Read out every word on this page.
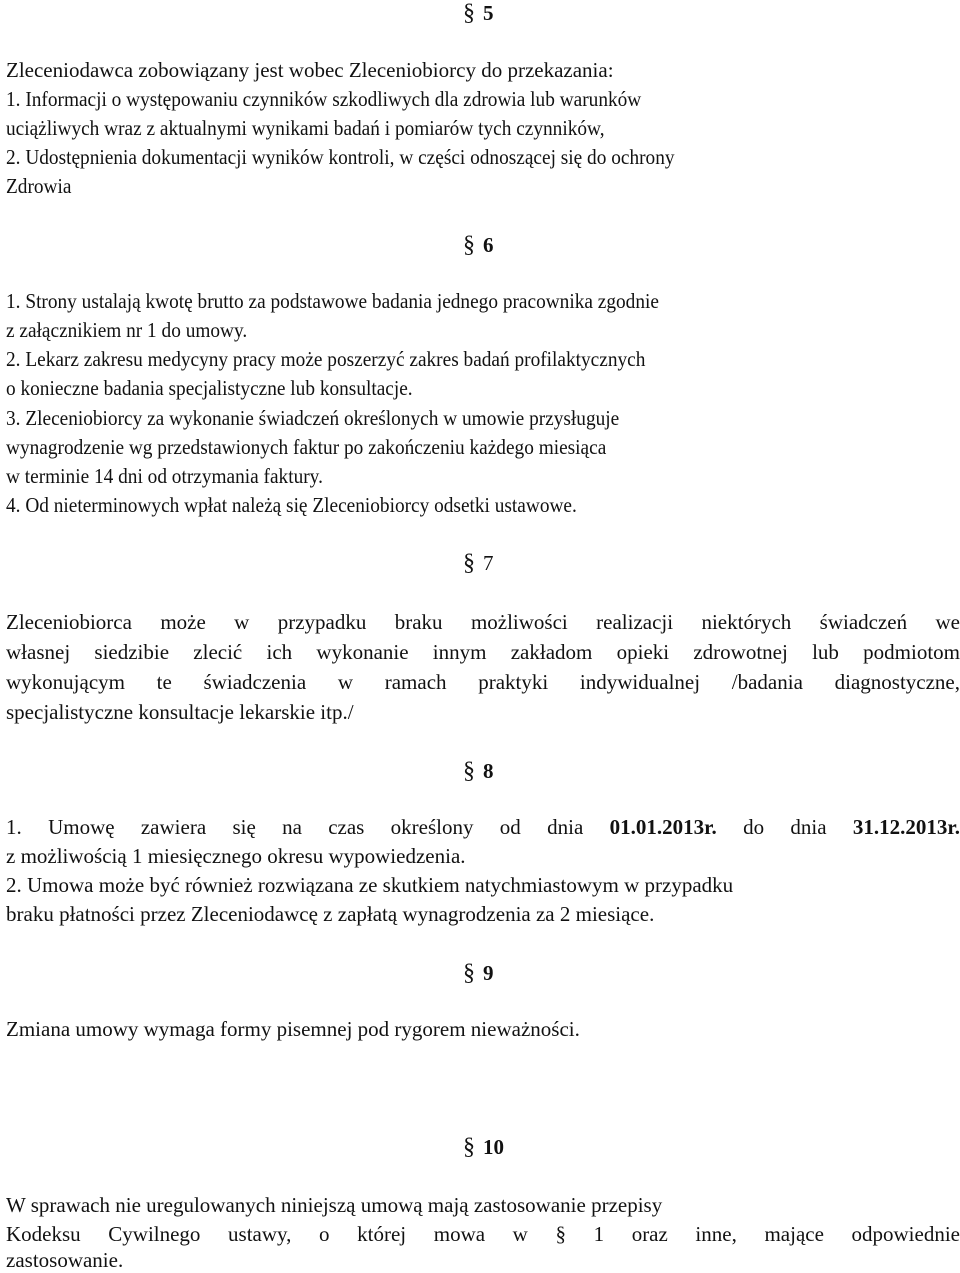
§ 5
Zleceniodawca zobowiązany jest wobec Zleceniobiorcy do przekazania:
1. Informacji o występowaniu czynników szkodliwych dla zdrowia lub warunków
uciążliwych wraz z aktualnymi wynikami badań i pomiarów tych czynników,
2. Udostępnienia dokumentacji wyników kontroli, w części odnoszącej się do ochrony
Zdrowia
§ 6
1. Strony ustalają kwotę brutto za podstawowe badania jednego pracownika zgodnie
z załącznikiem nr 1 do umowy.
2. Lekarz zakresu medycyny pracy może poszerzyć zakres badań profilaktycznych
o konieczne badania specjalistyczne lub konsultacje.
3. Zleceniobiorcy za wykonanie świadczeń określonych w umowie przysługuje
wynagrodzenie wg przedstawionych faktur po zakończeniu każdego miesiąca
w terminie 14 dni od otrzymania faktury.
4. Od nieterminowych wpłat należą się Zleceniobiorcy odsetki ustawowe.
§ 7
Zleceniobiorca może w przypadku braku możliwości realizacji niektórych świadczeń we
własnej siedzibie zlecić ich wykonanie innym zakładom opieki zdrowotnej lub podmiotom
wykonującym te świadczenia w ramach praktyki indywidualnej /badania diagnostyczne,
specjalistyczne konsultacje lekarskie itp./
§ 8
1. Umowę zawiera się na czas określony od dnia 01.01.2013r. do dnia 31.12.2013r.
z możliwością 1 miesięcznego okresu wypowiedzenia.
2. Umowa może być również rozwiązana ze skutkiem natychmiastowym w przypadku
braku płatności przez Zleceniodawcę z zapłatą wynagrodzenia za 2 miesiące.
§ 9
Zmiana umowy wymaga formy pisemnej pod rygorem nieważności.
§ 10
W sprawach nie uregulowanych niniejszą umową mają zastosowanie przepisy
Kodeksu Cywilnego ustawy, o której mowa w § 1 oraz inne, mające odpowiednie
zastosowanie.
